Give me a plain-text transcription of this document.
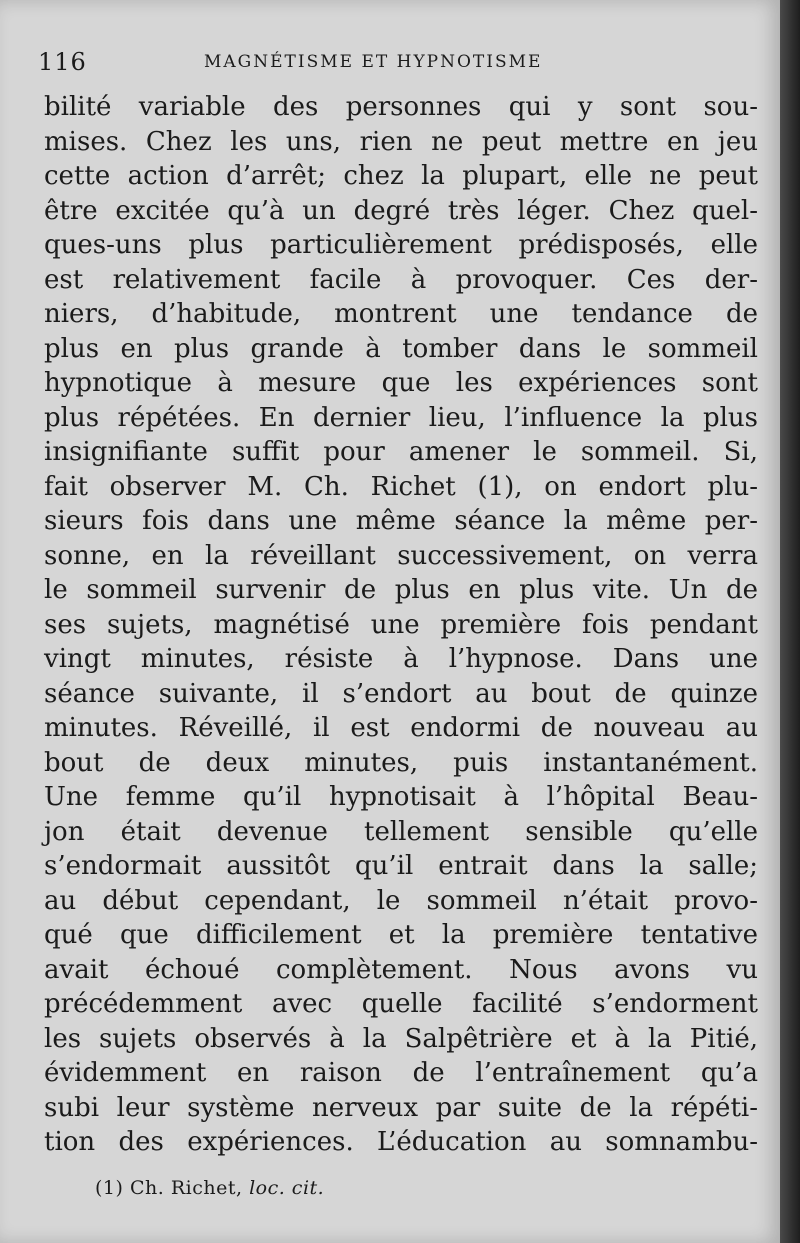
116	MAGNÉTISME ET HYPNOTISME
bilité variable des personnes qui y sont sou-
mises. Chez les uns, rien ne peut mettre en jeu
cette action d’arrêt; chez la plupart, elle ne peut
être excitée qu’à un degré très léger. Chez quel-
ques-uns plus particulièrement prédisposés, elle
est relativement facile à provoquer. Ces der-
niers, d’habitude, montrent une tendance de
plus en plus grande à tomber dans le sommeil
hypnotique à mesure que les expériences sont
plus répétées. En dernier lieu, l’influence la plus
insignifiante suffit pour amener le sommeil. Si,
fait observer M. Ch. Richet (1), on endort plu-
sieurs fois dans une même séance la même per-
sonne, en la réveillant successivement, on verra
le sommeil survenir de plus en plus vite. Un de
ses sujets, magnétisé une première fois pendant
vingt minutes, résiste à l’hypnose. Dans une
séance suivante, il s’endort au bout de quinze
minutes. Réveillé, il est endormi de nouveau au
bout de deux minutes, puis instantanément.
Une femme qu’il hypnotisait à l’hôpital Beau-
jon était devenue tellement sensible qu’elle
s’endormait aussitôt qu’il entrait dans la salle;
au début cependant, le sommeil n’était provo-
qué que difficilement et la première tentative
avait échoué complètement. Nous avons vu
précédemment avec quelle facilité s’endorment
les sujets observés à la Salpêtrière et à la Pitié,
évidemment en raison de l’entraînement qu’a
subi leur système nerveux par suite de la répéti-
tion des expériences. L’éducation au somnambu-
(1) Ch. Richet, loc. cit.
